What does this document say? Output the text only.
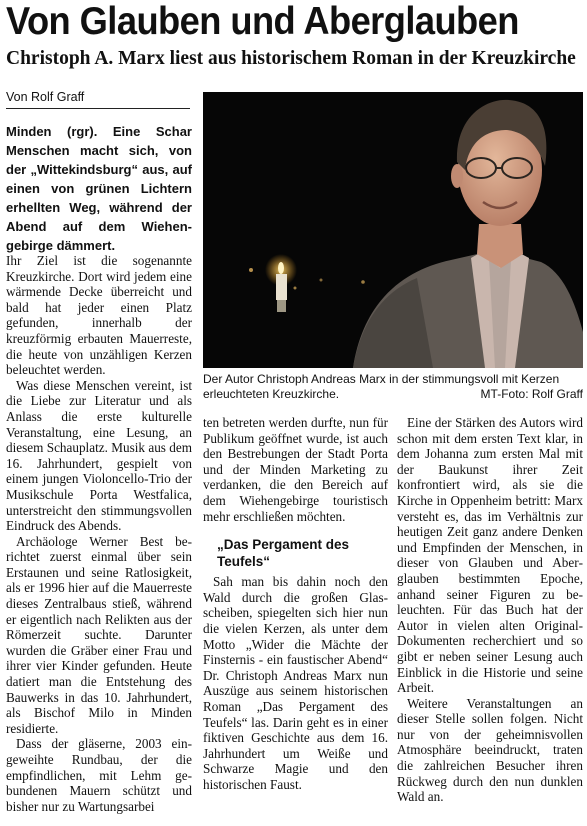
Von Glauben und Aberglauben
Christoph A. Marx liest aus historischem Roman in der Kreuzkirche
Von Rolf Graff
Minden (rgr). Eine Schar Menschen macht sich, von der „Wittekindsburg“ aus, auf einen von grünen Lichtern erhellten Weg, während der Abend auf dem Wiehengebirge dämmert.
Der Autor Christoph Andreas Marx in der stimmungsvoll mit Kerzen erleuchteten Kreuzkirche.	MT-Foto: Rolf Graff

Ihr Ziel ist die sogenannte Kreuzkirche. Dort wird jedem eine wärmende Decke überreicht und bald hat jeder einen Platz gefunden, innerhalb der kreuzförmig erbauten Mauerreste, die heute von unzähligen Kerzen beleuchtet werden.

Was diese Menschen vereint, ist die Liebe zur Literatur und als Anlass die erste kulturelle Veranstaltung, eine Lesung, an diesem Schauplatz. Musik aus dem 16. Jahrhundert, gespielt von einem jungen Violoncello-Trio der Musikschule Porta Westfalica, unterstreicht den stimmungsvollen Eindruck des Abends.

Archäologe Werner Best berichtet zuerst einmal über sein Erstaunen und seine Ratlosigkeit, als er 1996 hier auf die Mauerreste dieses Zentralbaus stieß, während er eigentlich nach Relikten aus der Römerzeit suchte. Darunter wurden die Gräber einer Frau und ihrer vier Kinder gefunden. Heute datiert man die Entstehung des Bauwerks in das 10. Jahrhundert, als Bischof Milo in Minden residierte.

Dass der gläserne, 2003 eingeweihte Rundbau, der die empfindlichen, mit Lehm gebundenen Mauern schützt und bisher nur zu Wartungsarbei

ten betreten werden durfte, nun für Publikum geöffnet wurde, ist auch den Bestrebungen der Stadt Porta und der Minden Marketing zu verdanken, die den Bereich auf dem Wiehengebirge touristisch mehr erschließen möchten.

„Das Pergament des Teufels“

Sah man bis dahin noch den Wald durch die großen Glasscheiben, spiegelten sich hier nun die vielen Kerzen, als unter dem Motto „Wider die Mächte der Finsternis - ein faustischer Abend“ Dr. Christoph Andreas Marx nun Auszüge aus seinem historischen Roman „Das Pergament des Teufels“ las. Darin geht es in einer fiktiven Geschichte aus dem 16. Jahrhundert um Weiße und Schwarze Magie und den historischen Faust.

Eine der Stärken des Autors wird schon mit dem ersten Text klar, in dem Johanna zum ersten Mal mit der Baukunst ihrer Zeit konfrontiert wird, als sie die Kirche in Oppenheim betritt: Marx versteht es, das im Verhältnis zur heutigen Zeit ganz andere Denken und Empfinden der Menschen, in dieser von Glauben und Aberglauben bestimmten Epoche, anhand seiner Figuren zu beleuchten. Für das Buch hat der Autor in vielen alten Original-Dokumenten recherchiert und so gibt er neben seiner Lesung auch Einblick in die Historie und seine Arbeit.

Weitere Veranstaltungen an dieser Stelle sollen folgen. Nicht nur von der geheimnisvollen Atmosphäre beeindruckt, traten die zahlreichen Besucher ihren Rückweg durch den nun dunklen Wald an.
